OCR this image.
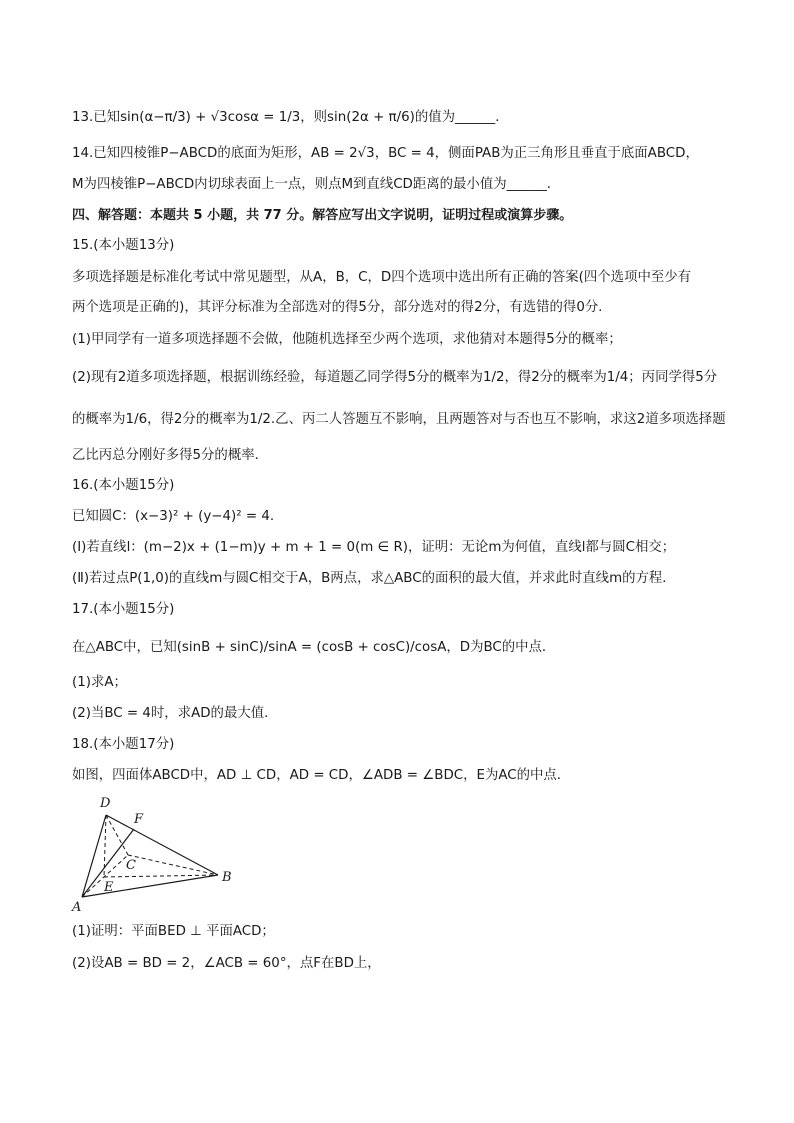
13.已知sin(α−π/3) + √3cosα = 1/3，则sin(2α + π/6)的值为______．
14.已知四棱锥P−ABCD的底面为矩形，AB = 2√3，BC = 4，侧面PAB为正三角形且垂直于底面ABCD，
M为四棱锥P−ABCD内切球表面上一点，则点M到直线CD距离的最小值为______．
四、解答题：本题共 5 小题，共 77 分。解答应写出文字说明，证明过程或演算步骤。
15.(本小题13分)
多项选择题是标准化考试中常见题型，从A，B，C，D四个选项中选出所有正确的答案(四个选项中至少有
两个选项是正确的)，其评分标准为全部选对的得5分，部分选对的得2分，有选错的得0分．
(1)甲同学有一道多项选择题不会做，他随机选择至少两个选项，求他猜对本题得5分的概率；
(2)现有2道多项选择题，根据训练经验，每道题乙同学得5分的概率为1/2，得2分的概率为1/4；丙同学得5分
的概率为1/6，得2分的概率为1/2.乙、丙二人答题互不影响，且两题答对与否也互不影响，求这2道多项选择题
乙比丙总分刚好多得5分的概率．
16.(本小题15分)
已知圆C：(x−3)² + (y−4)² = 4.
(Ⅰ)若直线l：(m−2)x + (1−m)y + m + 1 = 0(m ∈ R)，证明：无论m为何值，直线l都与圆C相交；
(Ⅱ)若过点P(1,0)的直线m与圆C相交于A，B两点，求△ABC的面积的最大值，并求此时直线m的方程．
17.(本小题15分)
在△ABC中，已知(sinB + sinC)/sinA = (cosB + cosC)/cosA，D为BC的中点．
(1)求A；
(2)当BC = 4时，求AD的最大值．
18.(本小题17分)
如图，四面体ABCD中，AD ⊥ CD，AD = CD，∠ADB = ∠BDC，E为AC的中点．
D
F
C
B
E
A
(1)证明：平面BED ⊥ 平面ACD；
(2)设AB = BD = 2，∠ACB = 60°，点F在BD上，
